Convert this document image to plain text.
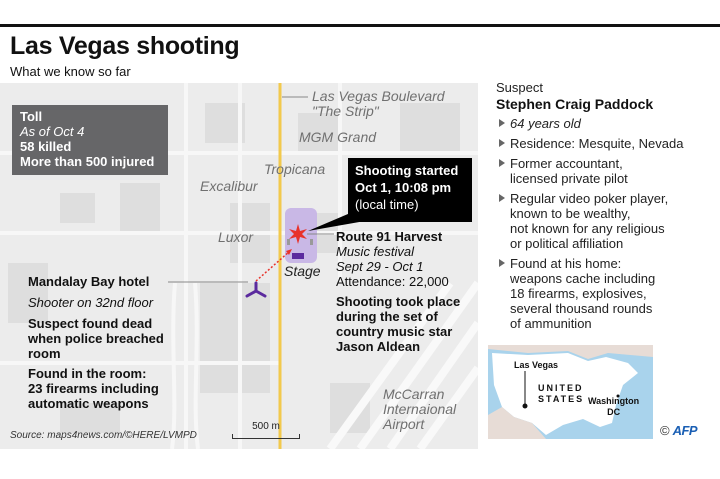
Las Vegas shooting
What we know so far
Toll
As of Oct 4
58 killed
More than 500 injured
Las Vegas Boulevard
"The Strip"
MGM Grand
Tropicana
Excalibur
Luxor
Stage
McCarran
Internaional
Airport
Shooting started
Oct 1, 10:08 pm
(local time)
Route 91 Harvest
Music festival
Sept 29 - Oct 1
Attendance: 22,000
Shooting took place
during the set of
country music star
Jason Aldean
Mandalay Bay hotel
Shooter on 32nd floor
Suspect found dead
when police breached
room
Found in the room:
23 firearms including
automatic weapons
Source: maps4news.com/©HERE/LVMPD
500 m
Suspect
Stephen Craig Paddock
64 years old
Residence: Mesquite, Nevada
Former accountant,
licensed private pilot
Regular video poker player,
known to be wealthy,
not known for any religious
or political affiliation
Found at his home:
weapons cache including
18 firearms, explosives,
several thousand rounds
of ammunition
Las Vegas
UNITED
STATES Washington
DC
© AFP
